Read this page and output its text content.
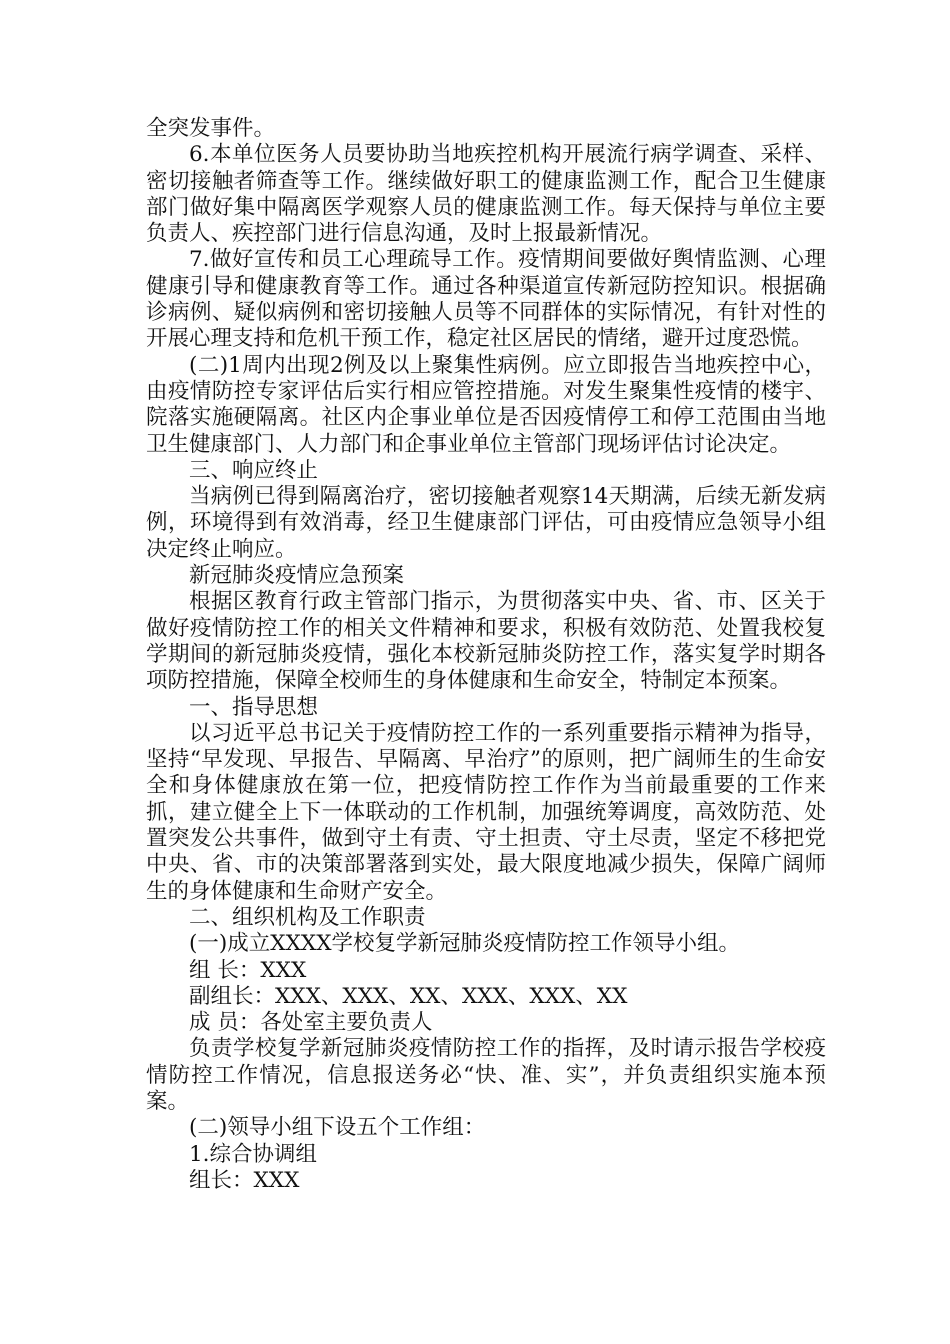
全突发事件。

6.本单位医务人员要协助当地疾控机构开展流行病学调查、采样、密切接触者筛查等工作。继续做好职工的健康监测工作，配合卫生健康部门做好集中隔离医学观察人员的健康监测工作。每天保持与单位主要负责人、疾控部门进行信息沟通，及时上报最新情况。

7.做好宣传和员工心理疏导工作。疫情期间要做好舆情监测、心理健康引导和健康教育等工作。通过各种渠道宣传新冠防控知识。根据确诊病例、疑似病例和密切接触人员等不同群体的实际情况，有针对性的开展心理支持和危机干预工作，稳定社区居民的情绪，避开过度恐慌。

(二)1周内出现2例及以上聚集性病例。应立即报告当地疾控中心，由疫情防控专家评估后实行相应管控措施。对发生聚集性疫情的楼宇、院落实施硬隔离。社区内企事业单位是否因疫情停工和停工范围由当地卫生健康部门、人力部门和企事业单位主管部门现场评估讨论决定。

三、响应终止

当病例已得到隔离治疗，密切接触者观察14天期满，后续无新发病例，环境得到有效消毒，经卫生健康部门评估，可由疫情应急领导小组决定终止响应。

新冠肺炎疫情应急预案

根据区教育行政主管部门指示，为贯彻落实中央、省、市、区关于做好疫情防控工作的相关文件精神和要求，积极有效防范、处置我校复学期间的新冠肺炎疫情，强化本校新冠肺炎防控工作，落实复学时期各项防控措施，保障全校师生的身体健康和生命安全，特制定本预案。

一、指导思想

以习近平总书记关于疫情防控工作的一系列重要指示精神为指导，坚持“早发现、早报告、早隔离、早治疗”的原则，把广阔师生的生命安全和身体健康放在第一位，把疫情防控工作作为当前最重要的工作来抓，建立健全上下一体联动的工作机制，加强统筹调度，高效防范、处置突发公共事件，做到守土有责、守土担责、守土尽责，坚定不移把党中央、省、市的决策部署落到实处，最大限度地减少损失，保障广阔师生的身体健康和生命财产安全。

二、组织机构及工作职责

(一)成立XXXX学校复学新冠肺炎疫情防控工作领导小组。

组 长：XXX

副组长：XXX、XXX、XX、XXX、XXX、XX

成 员：各处室主要负责人

负责学校复学新冠肺炎疫情防控工作的指挥，及时请示报告学校疫情防控工作情况，信息报送务必“快、准、实”，并负责组织实施本预案。

(二)领导小组下设五个工作组：

1.综合协调组

组长：XXX
